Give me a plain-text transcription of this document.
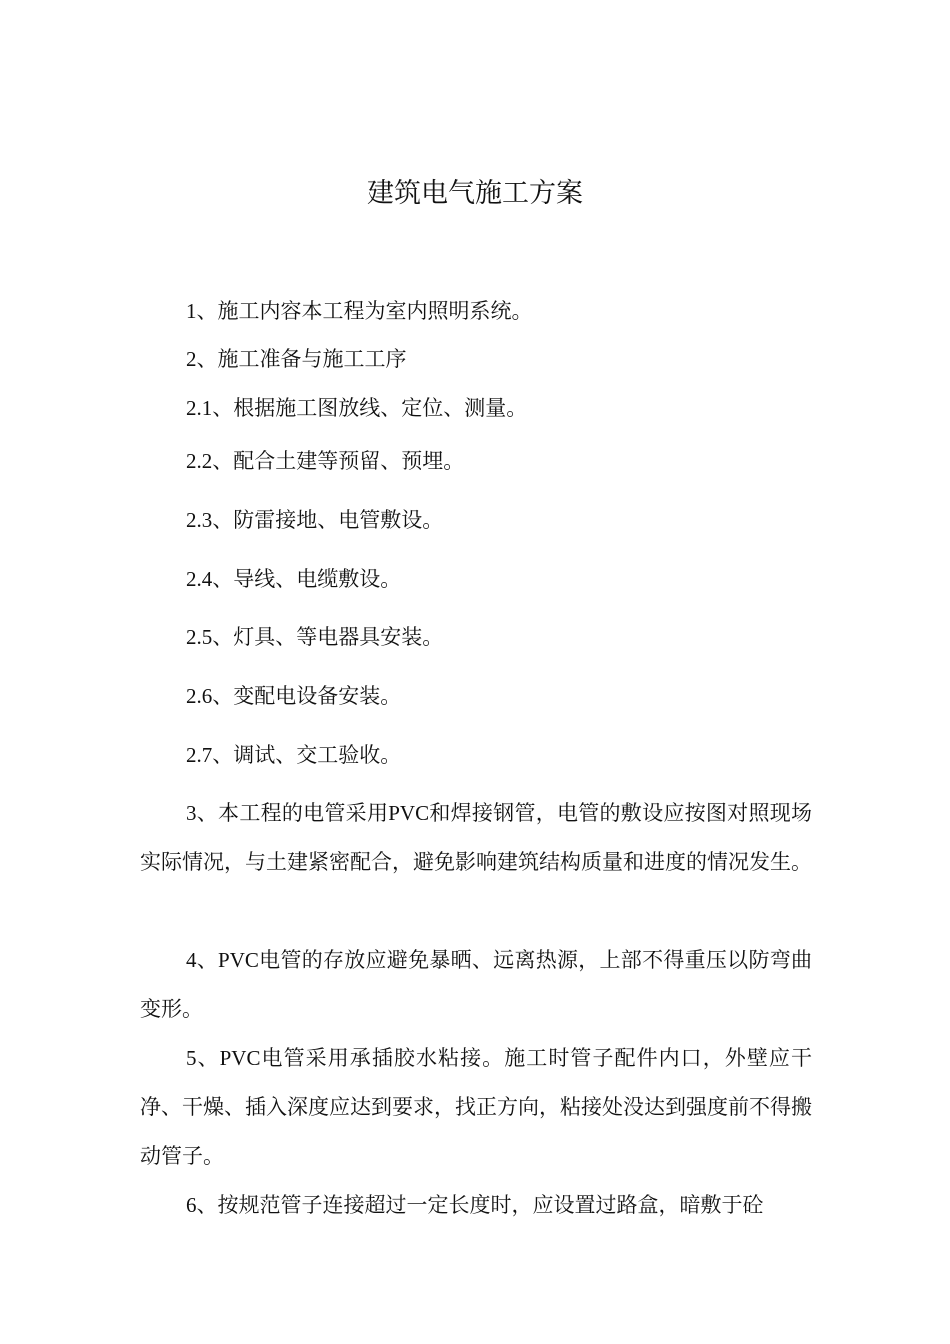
建筑电气施工方案
1、施工内容本工程为室内照明系统。
2、施工准备与施工工序
2.1、根据施工图放线、定位、测量。
2.2、配合土建等预留、预埋。
2.3、防雷接地、电管敷设。
2.4、导线、电缆敷设。
2.5、灯具、等电器具安装。
2.6、变配电设备安装。
2.7、调试、交工验收。
3、本工程的电管采用PVC和焊接钢管，电管的敷设应按图对照现场实际情况，与土建紧密配合，避免影响建筑结构质量和进度的情况发生。
4、PVC电管的存放应避免暴晒、远离热源，上部不得重压以防弯曲变形。
5、PVC电管采用承插胶水粘接。施工时管子配件内口，外壁应干净、干燥、插入深度应达到要求，找正方向，粘接处没达到强度前不得搬动管子。
6、按规范管子连接超过一定长度时，应设置过路盒，暗敷于砼
